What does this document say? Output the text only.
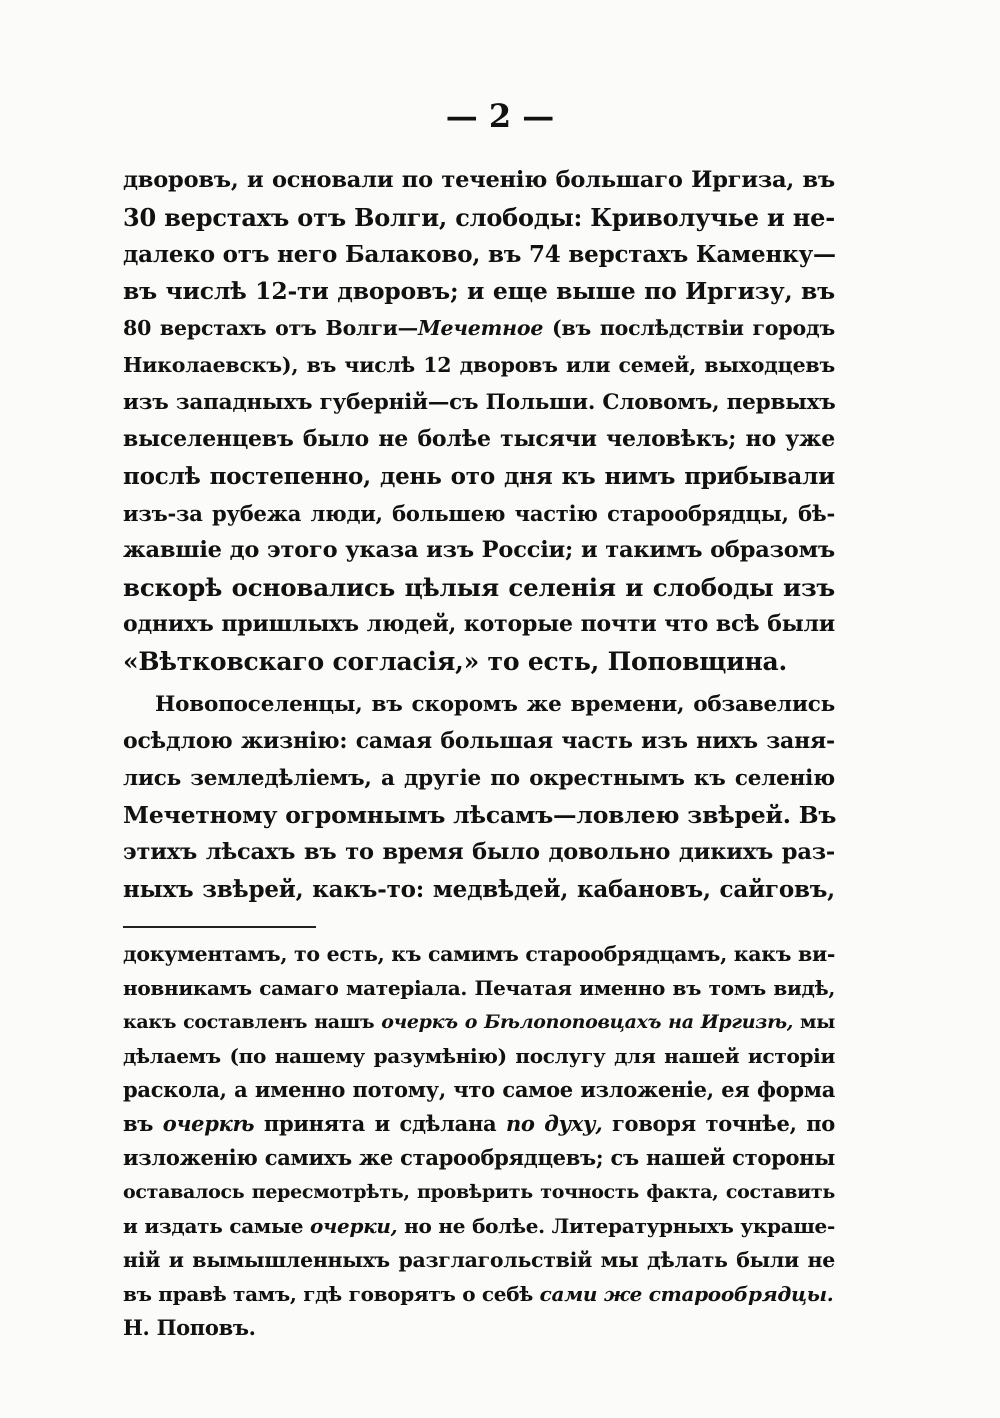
— 2 —
дворовъ, и основали по теченію большаго Иргиза, въ
30 верстахъ отъ Волги, слободы: Криволучье и не-
далеко отъ него Балаково, въ 74 верстахъ Каменку—
въ числѣ 12-ти дворовъ; и еще выше по Иргизу, въ
80 верстахъ отъ Волги—Мечетное (въ послѣдствіи городъ
Николаевскъ), въ числѣ 12 дворовъ или семей, выходцевъ
изъ западныхъ губерній—съ Польши. Словомъ, первыхъ
выселенцевъ было не болѣе тысячи человѣкъ; но уже
послѣ постепенно, день ото дня къ нимъ прибывали
изъ-за рубежа люди, большею частію старообрядцы, бѣ-
жавшіе до этого указа изъ Россіи; и такимъ образомъ
вскорѣ основались цѣлыя селенія и слободы изъ
однихъ пришлыхъ людей, которые почти что всѣ были
«Вѣтковскаго согласія,» то есть, Поповщина.
Новопоселенцы, въ скоромъ же времени, обзавелись
осѣдлою жизнію: самая большая часть изъ нихъ заня-
лись земледѣліемъ, а другіе по окрестнымъ къ селенію
Мечетному огромнымъ лѣсамъ—ловлею звѣрей. Въ
этихъ лѣсахъ въ то время было довольно дикихъ раз-
ныхъ звѣрей, какъ-то: медвѣдей, кабановъ, сайговъ,
документамъ, то есть, къ самимъ старообрядцамъ, какъ ви-
новникамъ самаго матеріала. Печатая именно въ томъ видѣ,
какъ составленъ нашъ очеркъ о Бѣлопоповцахъ на Иргизѣ, мы
дѣлаемъ (по нашему разумѣнію) послугу для нашей исторіи
раскола, а именно потому, что самое изложеніе, ея форма
въ очеркѣ принята и сдѣлана по духу, говоря точнѣе, по
изложенію самихъ же старообрядцевъ; съ нашей стороны
оставалось пересмотрѣть, провѣрить точность факта, составить
и издать самые очерки, но не болѣе. Литературныхъ украше-
ній и вымышленныхъ разглагольствій мы дѣлать были не
въ правѣ тамъ, гдѣ говорятъ о себѣ сами же старообрядцы.
Н. Поповъ.
